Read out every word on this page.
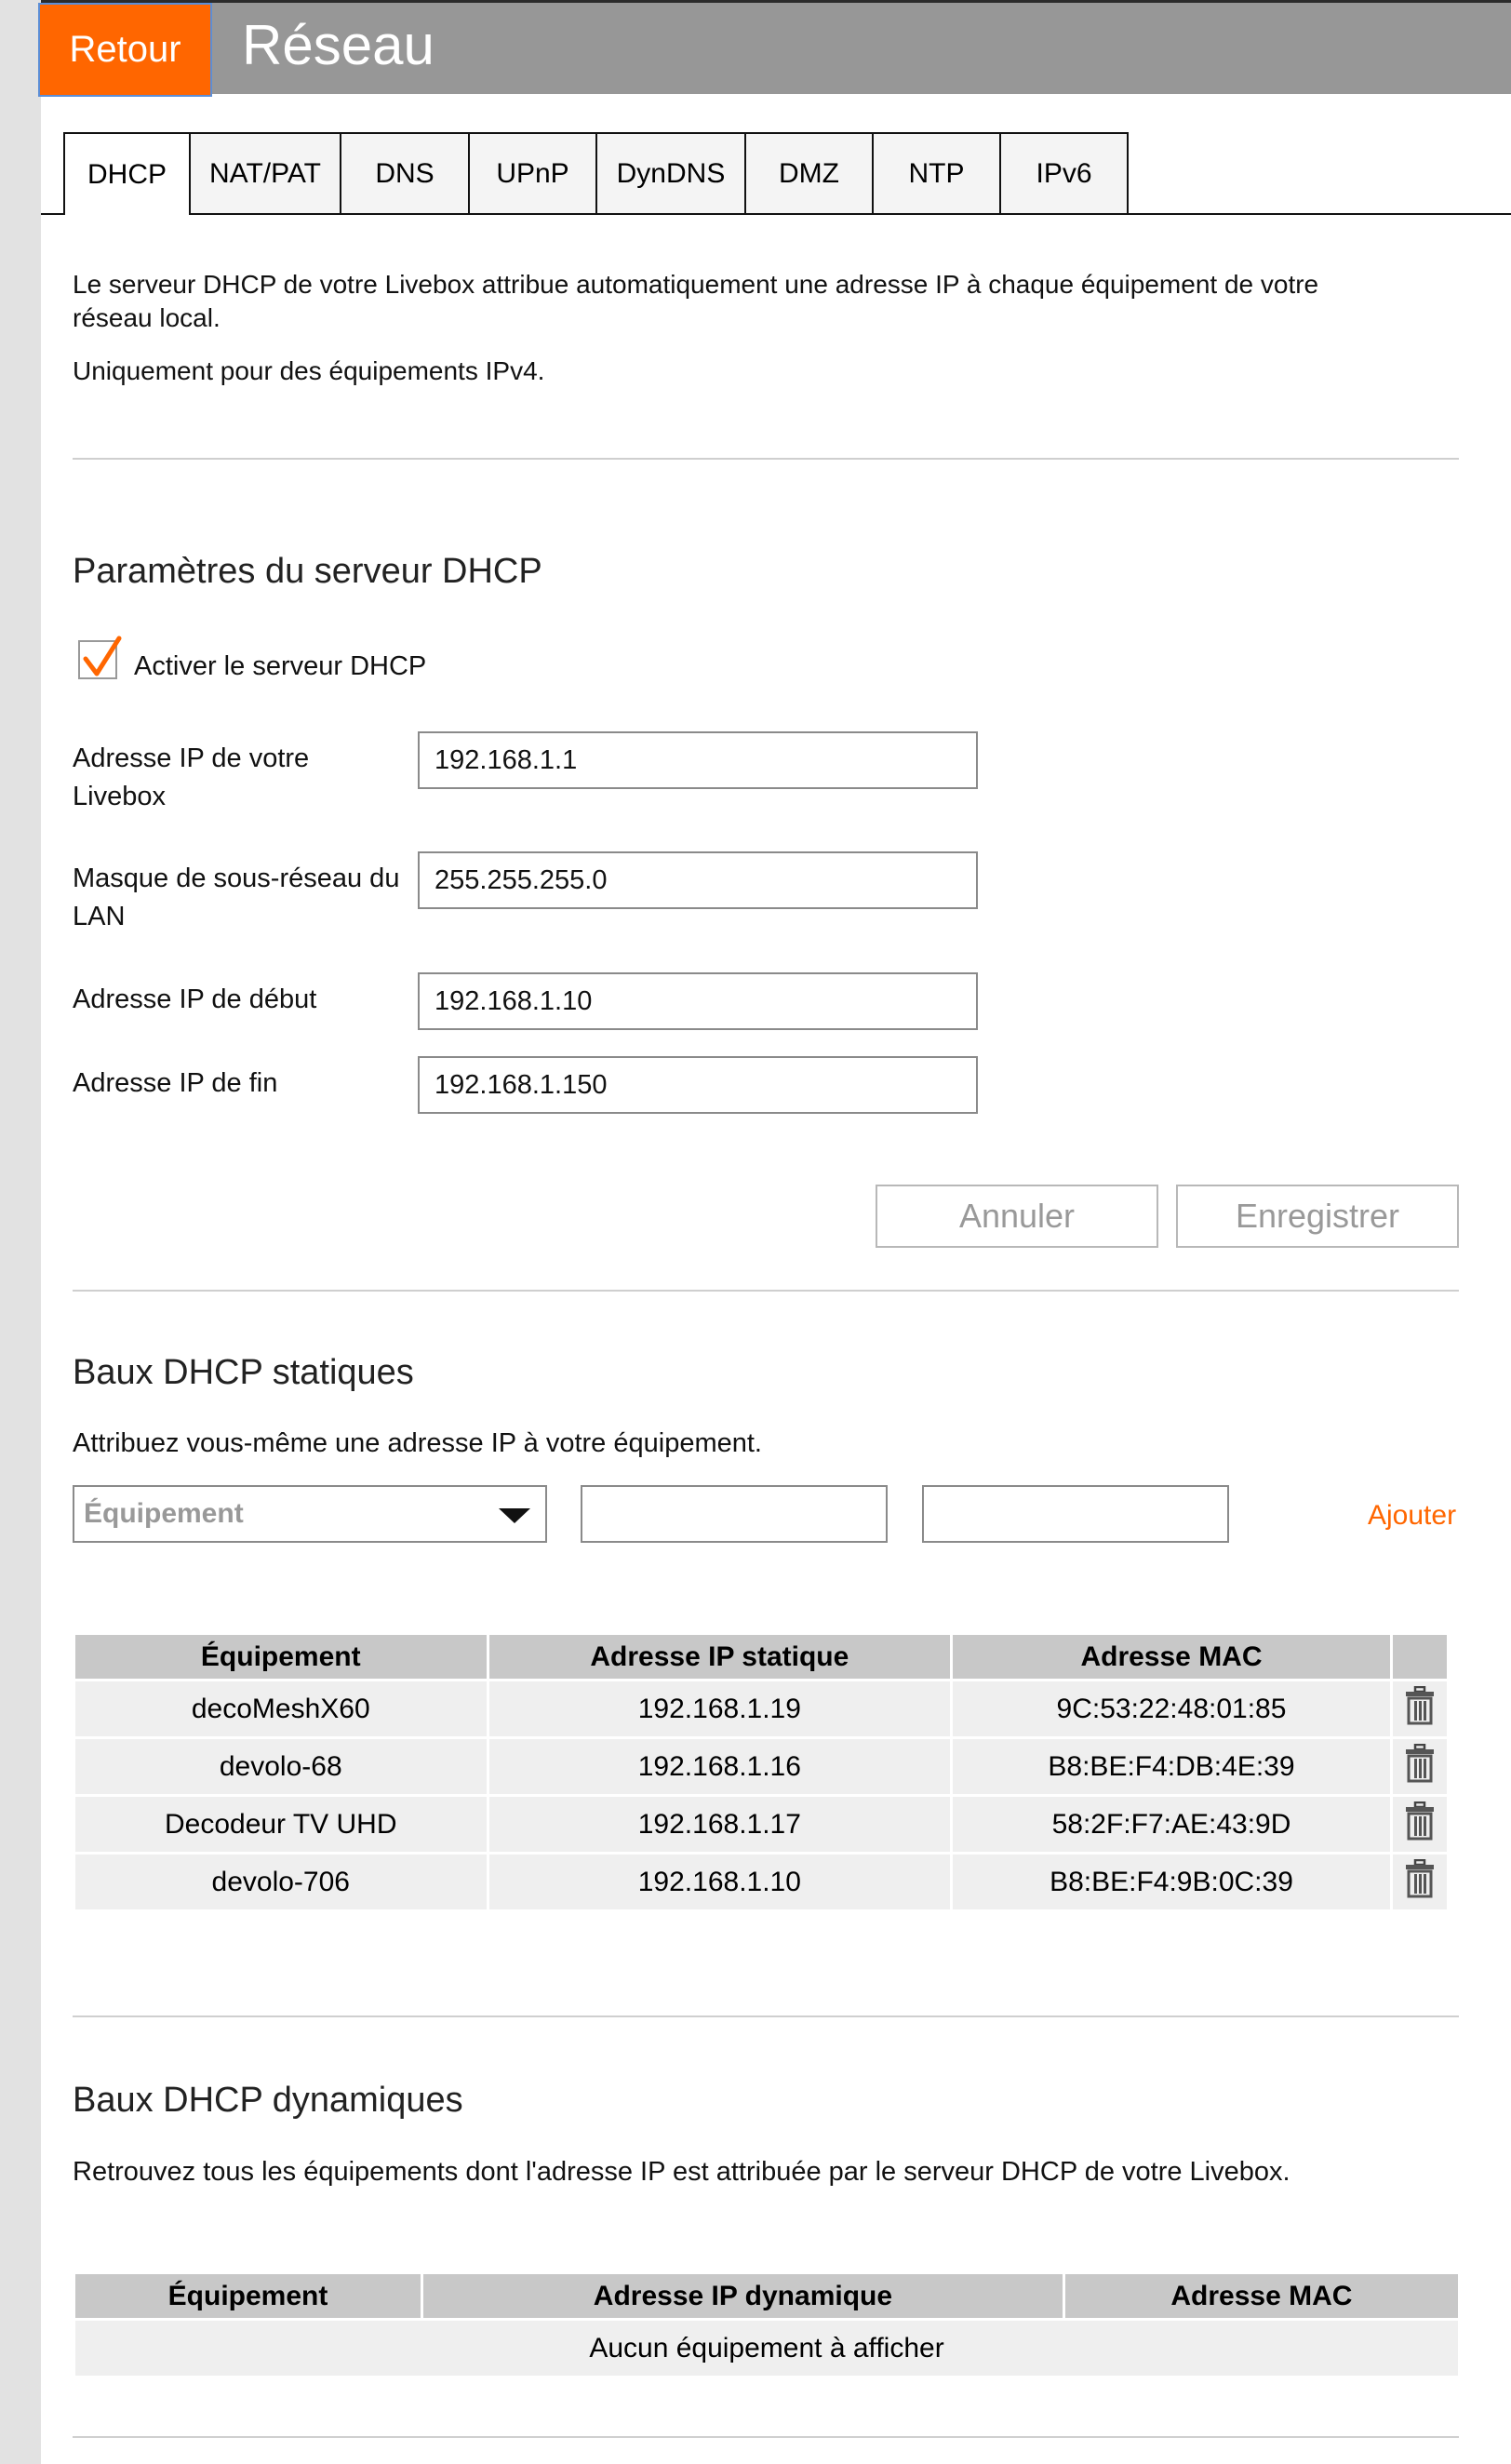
Retour	Réseau
DHCP	NAT/PAT	DNS	UPnP	DynDNS	DMZ	NTP	IPv6
Le serveur DHCP de votre Livebox attribue automatiquement une adresse IP à chaque équipement de votre
réseau local.
Uniquement pour des équipements IPv4.
Paramètres du serveur DHCP
Activer le serveur DHCP
Adresse IP de votre
Livebox
192.168.1.1
Masque de sous-réseau du
LAN
255.255.255.0
Adresse IP de début
192.168.1.10
Adresse IP de fin
192.168.1.150
Annuler	Enregistrer
Baux DHCP statiques
Attribuez vous-même une adresse IP à votre équipement.
Équipement	Ajouter
Équipement	Adresse IP statique	Adresse MAC	
decoMeshX60	192.168.1.19	9C:53:22:48:01:85	
devolo-68	192.168.1.16	B8:BE:F4:DB:4E:39	
Decodeur TV UHD	192.168.1.17	58:2F:F7:AE:43:9D	
devolo-706	192.168.1.10	B8:BE:F4:9B:0C:39	
Baux DHCP dynamiques
Retrouvez tous les équipements dont l'adresse IP est attribuée par le serveur DHCP de votre Livebox.
Équipement	Adresse IP dynamique	Adresse MAC
Aucun équipement à afficher
